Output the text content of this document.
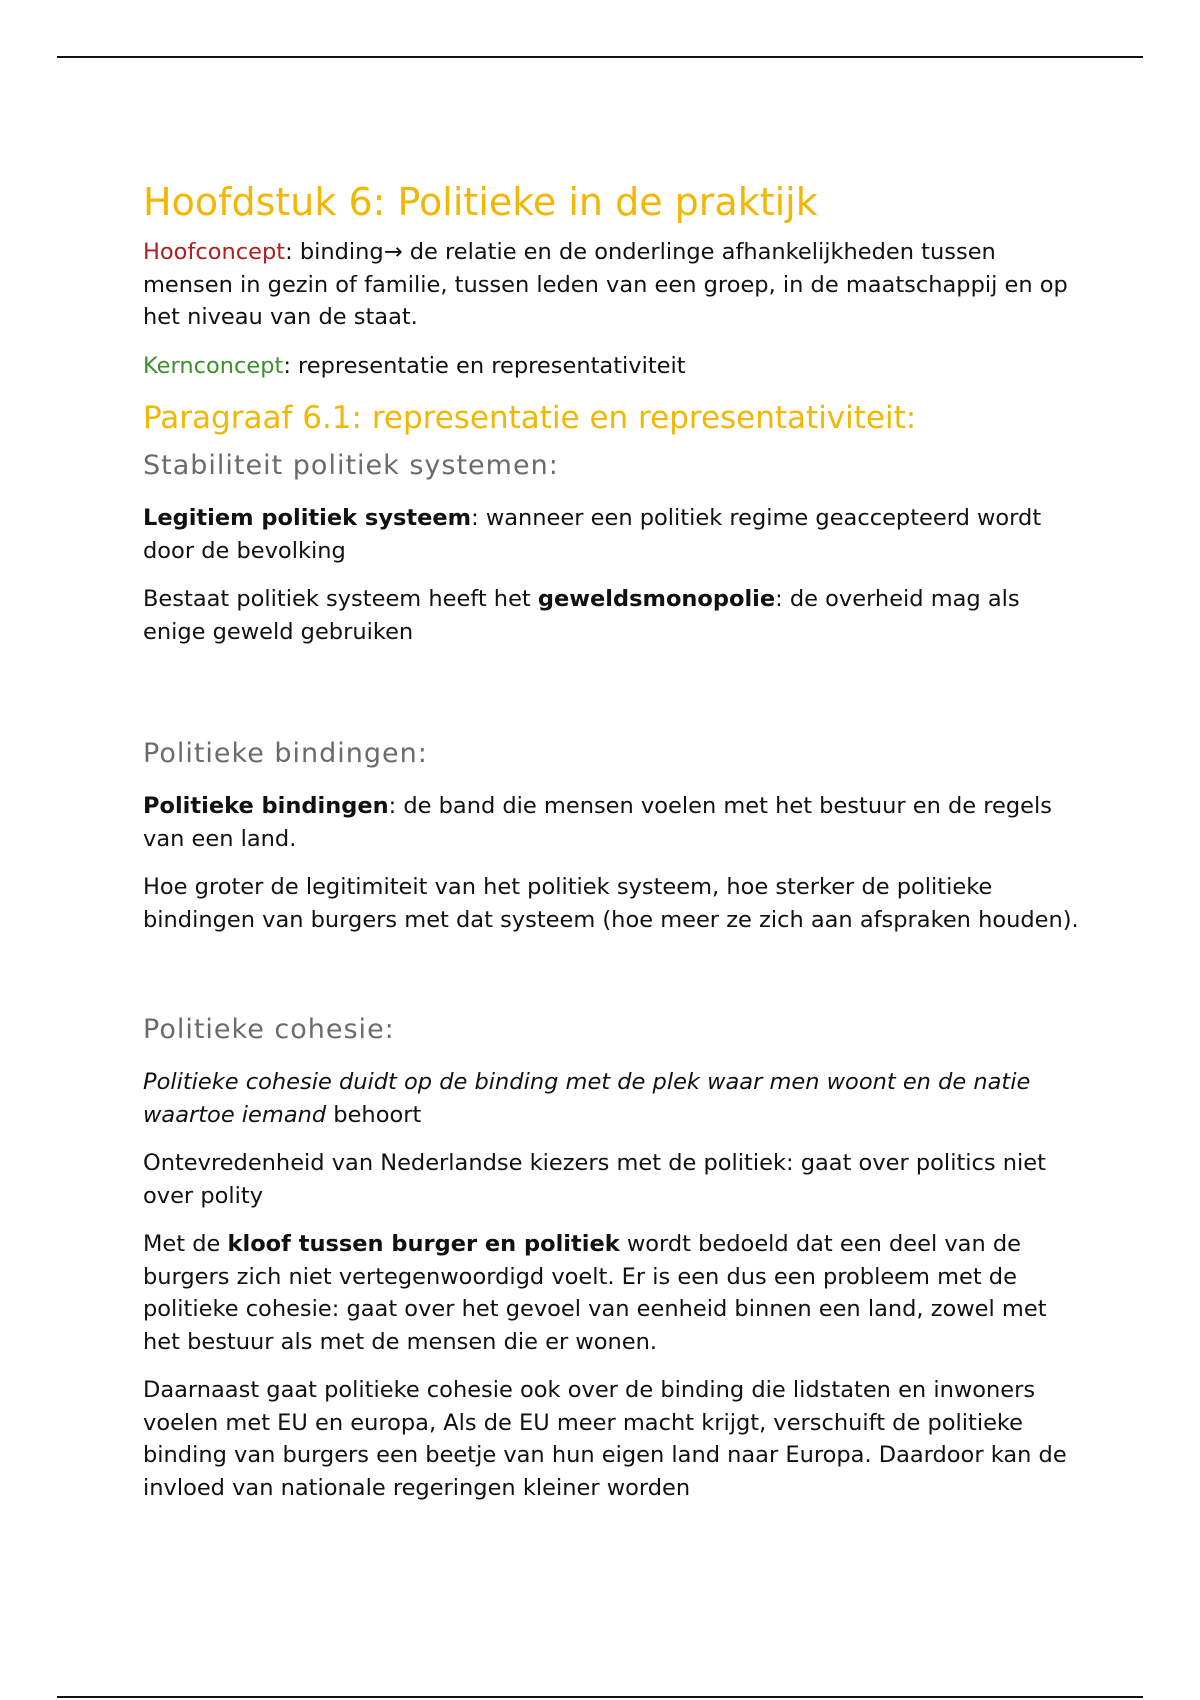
Hoofdstuk 6: Politieke in de praktijk

Hoofconcept: binding→ de relatie en de onderlinge afhankelijkheden tussen mensen in gezin of familie, tussen leden van een groep, in de maatschappij en op het niveau van de staat.

Kernconcept: representatie en representativiteit

Paragraaf 6.1: representatie en representativiteit:
Stabiliteit politiek systemen:

Legitiem politiek systeem: wanneer een politiek regime geaccepteerd wordt door de bevolking

Bestaat politiek systeem heeft het geweldsmonopolie: de overheid mag als enige geweld gebruiken

Politieke bindingen:

Politieke bindingen: de band die mensen voelen met het bestuur en de regels van een land.

Hoe groter de legitimiteit van het politiek systeem, hoe sterker de politieke bindingen van burgers met dat systeem (hoe meer ze zich aan afspraken houden).

Politieke cohesie:

Politieke cohesie duidt op de binding met de plek waar men woont en de natie waartoe iemand behoort

Ontevredenheid van Nederlandse kiezers met de politiek: gaat over politics niet over polity

Met de kloof tussen burger en politiek wordt bedoeld dat een deel van de burgers zich niet vertegenwoordigd voelt. Er is een dus een probleem met de politieke cohesie: gaat over het gevoel van eenheid binnen een land, zowel met het bestuur als met de mensen die er wonen.

Daarnaast gaat politieke cohesie ook over de binding die lidstaten en inwoners voelen met EU en europa, Als de EU meer macht krijgt, verschuift de politieke binding van burgers een beetje van hun eigen land naar Europa. Daardoor kan de invloed van nationale regeringen kleiner worden
